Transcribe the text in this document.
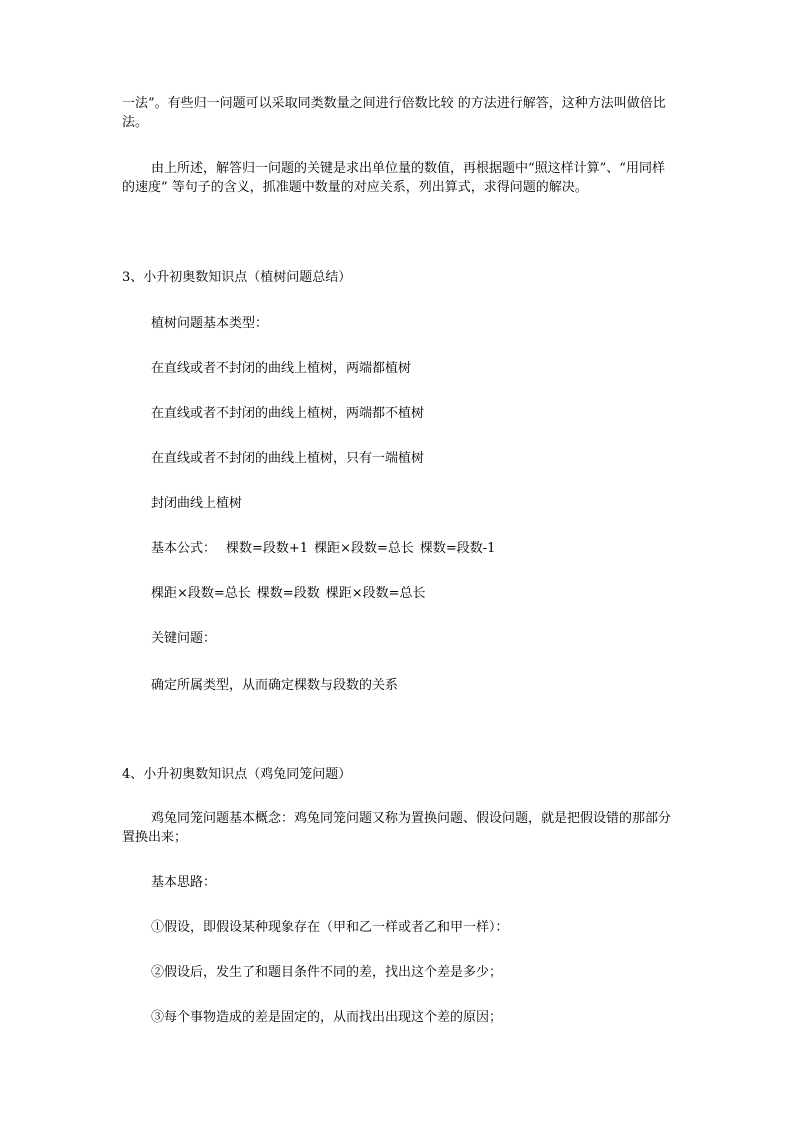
一法”。有些归一问题可以采取同类数量之间进行倍数比较 的方法进行解答，这种方法叫做倍比法。

由上所述，解答归一问题的关键是求出单位量的数值，再根据题中“照这样计算”、“用同样的速度” 等句子的含义，抓准题中数量的对应关系，列出算式，求得问题的解决。

3、小升初奥数知识点（植树问题总结）

植树问题基本类型：

在直线或者不封闭的曲线上植树，两端都植树

在直线或者不封闭的曲线上植树，两端都不植树

在直线或者不封闭的曲线上植树，只有一端植树

封闭曲线上植树

基本公式： 棵数=段数+1 棵距×段数=总长 棵数=段数-1

棵距×段数=总长 棵数=段数 棵距×段数=总长

关键问题：

确定所属类型，从而确定棵数与段数的关系

4、小升初奥数知识点（鸡兔同笼问题）

鸡兔同笼问题基本概念：鸡兔同笼问题又称为置换问题、假设问题，就是把假设错的那部分置换出来；

基本思路：

①假设，即假设某种现象存在（甲和乙一样或者乙和甲一样）：

②假设后，发生了和题目条件不同的差，找出这个差是多少；

③每个事物造成的差是固定的，从而找出出现这个差的原因；
